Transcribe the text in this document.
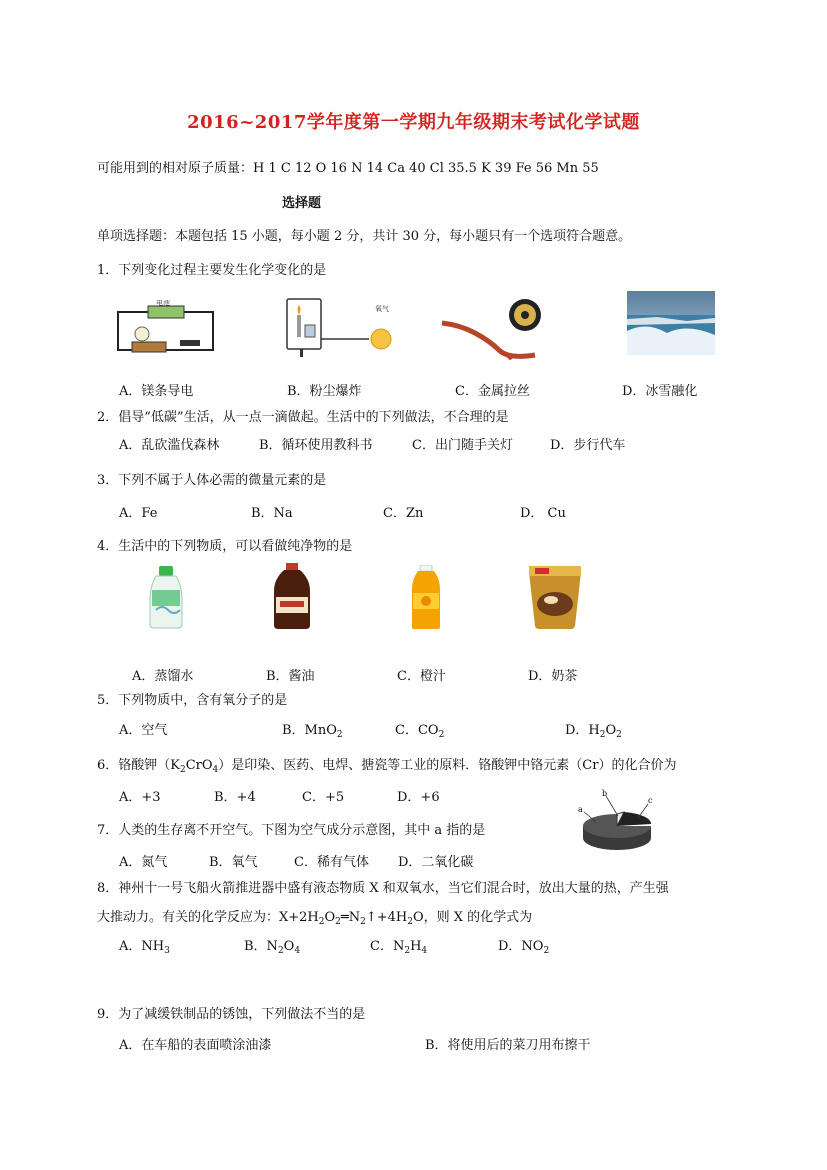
2016~2017学年度第一学期九年级期末考试化学试题
可能用到的相对原子质量：H 1 C 12 O 16 N 14 Ca 40 Cl 35.5 K 39 Fe 56 Mn 55
选择题
单项选择题：本题包括 15 小题，每小题 2 分，共计 30 分，每小题只有一个选项符合题意。
1．下列变化过程主要发生化学变化的是
电池
氧气
A．镁条导电	B．粉尘爆炸	C．金属拉丝	D．冰雪融化
2．倡导“低碳”生活，从一点一滴做起。生活中的下列做法，不合理的是
A．乱砍滥伐森林	B．循环使用教科书	C．出门随手关灯	D．步行代车
3．下列不属于人体必需的微量元素的是
A．Fe	B．Na	C．Zn	D． Cu
4．生活中的下列物质，可以看做纯净物的是
A．蒸馏水	B．酱油	C．橙汁	D．奶茶
5．下列物质中，含有氧分子的是
A．空气	B．MnO$_2$	C．$CO_2$	D．$H_2O_2$
6．铬酸钾$(K_2CrO_4)$是印染、医药、电焊、搪瓷等工业的原料．铬酸钾中铬元素（Cr）的化合价为
A．+3	B．+4	C．+5	D．+6
7．人类的生存离不开空气。下图为空气成分示意图，其中 a 指的是
a
b
c
A．氮气	B．氧气	C．稀有气体 D．二氧化碳
8．神州十一号飞船火箭推进器中盛有液态物质 X 和双氧水，当它们混合时，放出大量的热，产生强
大推动力。有关的化学反应为：$X+2H_2O_2═N_2↑+4H_2O$，则 X 的化学式为
A．$NH_3$	B．$N_2O_4$	C．$N_2H_4$	D．$NO_2$
9．为了减缓铁制品的锈蚀，下列做法不当的是
A．在车船的表面喷涂油漆	B．将使用后的菜刀用布擦干
